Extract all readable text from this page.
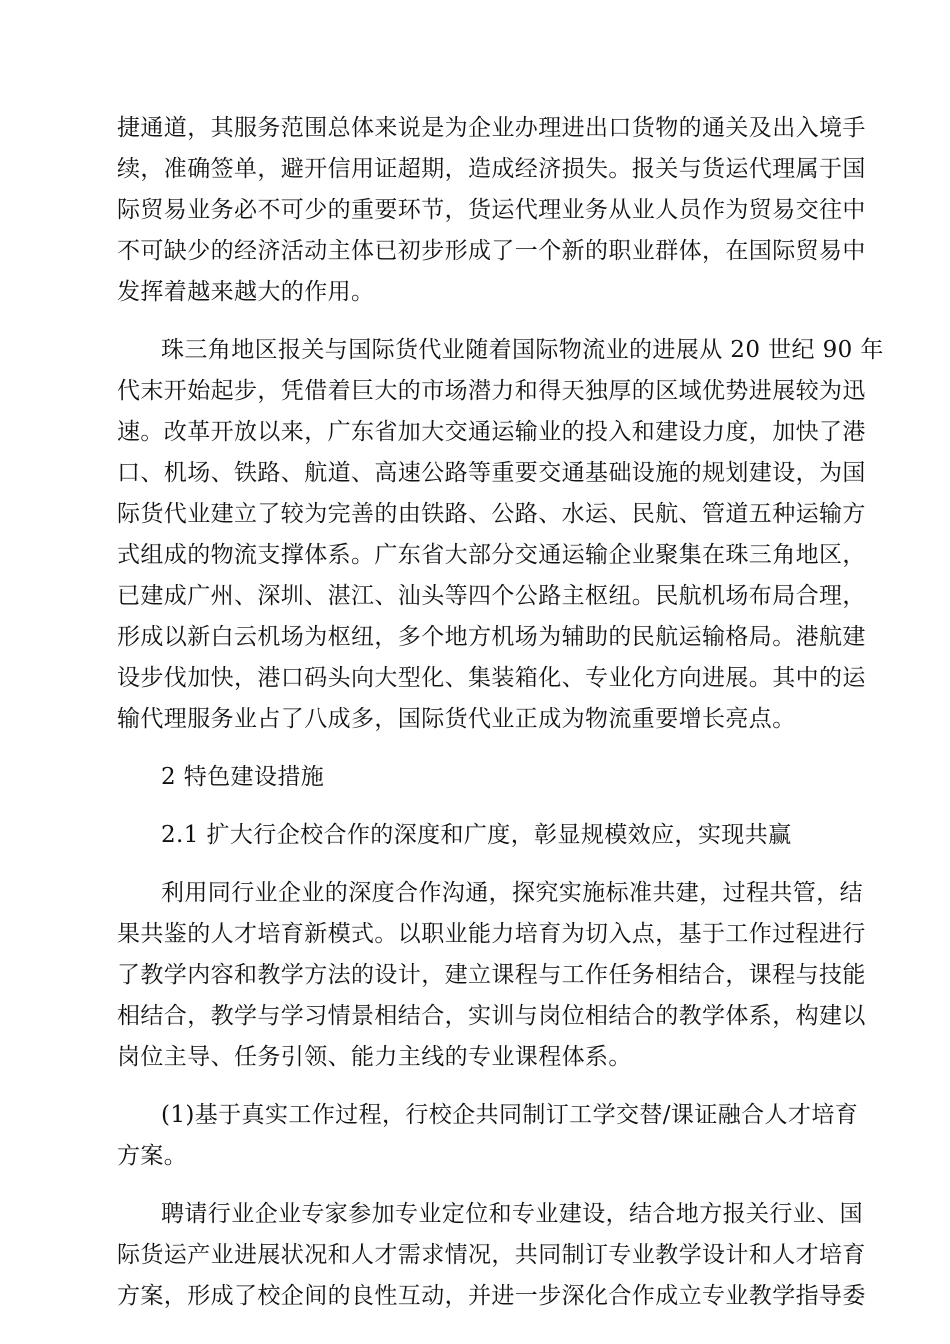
捷通道，其服务范围总体来说是为企业办理进出口货物的通关及出入境手
续，准确签单，避开信用证超期，造成经济损失。报关与货运代理属于国
际贸易业务必不可少的重要环节，货运代理业务从业人员作为贸易交往中
不可缺少的经济活动主体已初步形成了一个新的职业群体，在国际贸易中
发挥着越来越大的作用。
珠三角地区报关与国际货代业随着国际物流业的进展从 20 世纪 90 年
代末开始起步，凭借着巨大的市场潜力和得天独厚的区域优势进展较为迅
速。改革开放以来，广东省加大交通运输业的投入和建设力度，加快了港
口、机场、铁路、航道、高速公路等重要交通基础设施的规划建设，为国
际货代业建立了较为完善的由铁路、公路、水运、民航、管道五种运输方
式组成的物流支撑体系。广东省大部分交通运输企业聚集在珠三角地区，
已建成广州、深圳、湛江、汕头等四个公路主枢纽。民航机场布局合理，
形成以新白云机场为枢纽，多个地方机场为辅助的民航运输格局。港航建
设步伐加快，港口码头向大型化、集装箱化、专业化方向进展。其中的运
输代理服务业占了八成多，国际货代业正成为物流重要增长亮点。
2 特色建设措施
2.1 扩大行企校合作的深度和广度，彰显规模效应，实现共赢
利用同行业企业的深度合作沟通，探究实施标准共建，过程共管，结
果共鉴的人才培育新模式。以职业能力培育为切入点，基于工作过程进行
了教学内容和教学方法的设计，建立课程与工作任务相结合，课程与技能
相结合，教学与学习情景相结合，实训与岗位相结合的教学体系，构建以
岗位主导、任务引领、能力主线的专业课程体系。
(1)基于真实工作过程，行校企共同制订工学交替/课证融合人才培育
方案。
聘请行业企业专家参加专业定位和专业建设，结合地方报关行业、国
际货运产业进展状况和人才需求情况，共同制订专业教学设计和人才培育
方案，形成了校企间的良性互动，并进一步深化合作成立专业教学指导委
